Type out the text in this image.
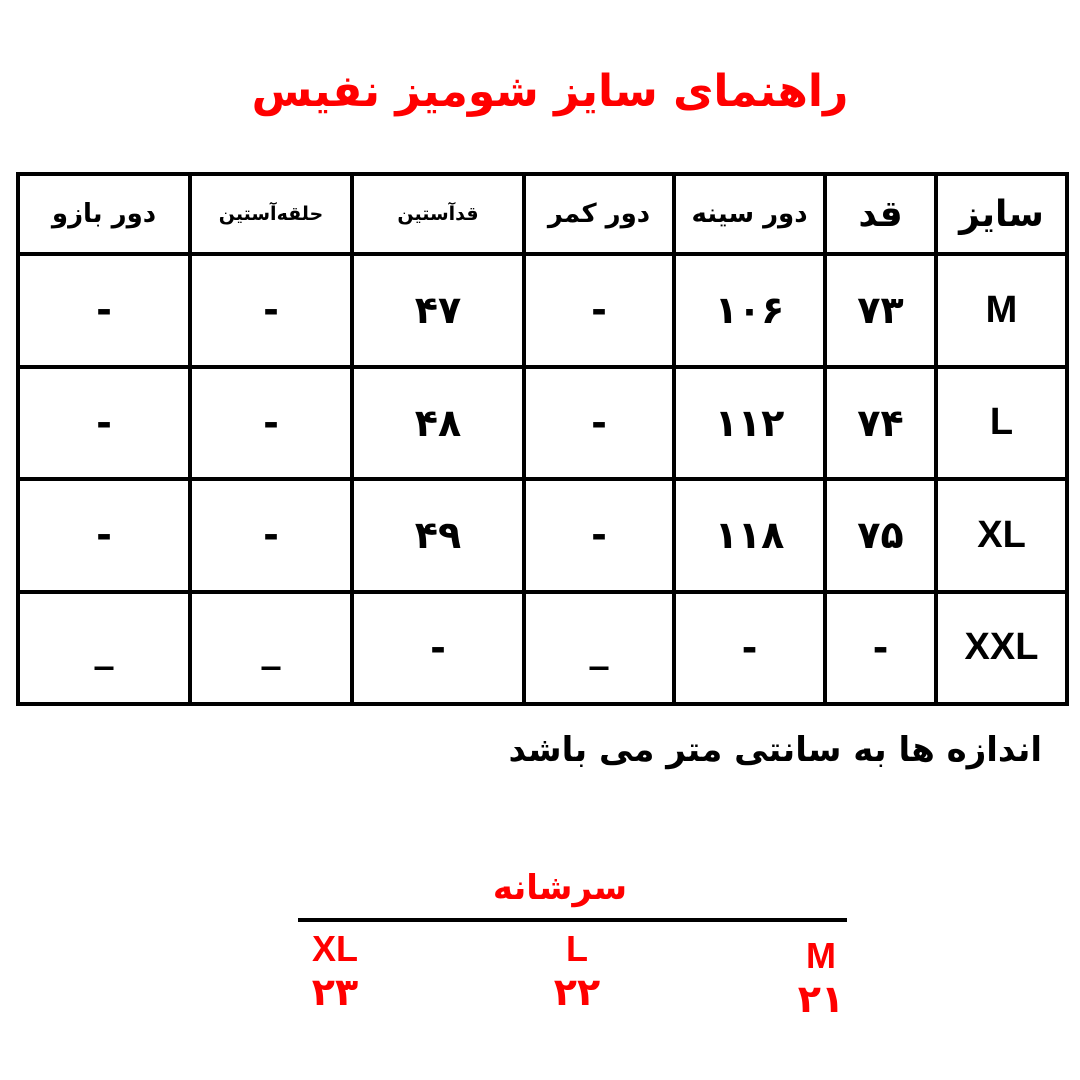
راهنمای سایز شومیز نفیس
سایز	قد	دور سینه	دور کمر	قدآستین	حلقه‌آستین	دور بازو
M	۷۳	۱۰۶	-	۴۷	-	-
L	۷۴	۱۱۲	-	۴۸	-	-
XL	۷۵	۱۱۸	-	۴۹	-	-
XXL	-	-	_	-	_	_
اندازه ها به سانتی متر می باشد
سرشانه
XL
۲۳
L
۲۲
M
۲۱
